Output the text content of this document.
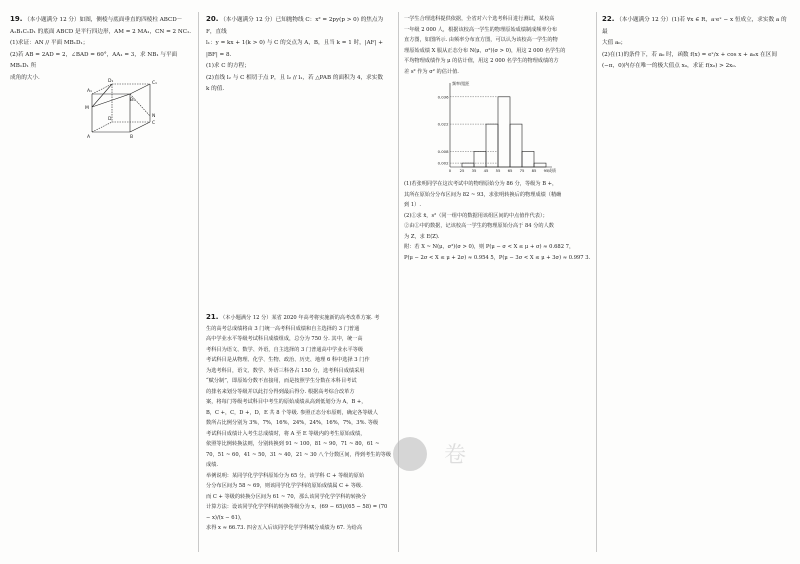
19. （本小题满分 12 分）如图，侧棱与底面垂直的四棱柱 ABCD－

A₁B₁C₁D₁ 的底面 ABCD 是平行四边形，AM = 2 MA₁，CN = 2 NC₁.

(1)求证：AN // 平面 MB₁D₁；

(2)若 AB = 2AD = 2，∠BAD = 60°，AA₁ = 3，求 NB₁ 与平面 MB₁D₁ 所

成角的大小.

A₁
B₁
C₁
D₁
A	B
C
D
M
N

20. （本小题满分 12 分）已知抛物线 C：x² = 2py(p > 0) 的焦点为 F，直线

l₁：y = kx + 1(k > 0) 与 C 的交点为 A，B，且当 k = 1 时，|AF| + |BF| = 8.

(1)求 C 的方程；

(2)直线 l₂ 与 C 相切于点 P，且 l₂ // l₁，若 △PAB 的面积为 4，求实数

k 的值.

21. （本小题满分 12 分）某省 2020 年高考将实施新的高考改革方案. 考

生的高考总成绩将由 3 门统一高考科目成绩和自主选择的 3 门普通

高中学业水平等级考试科目成绩组成，总分为 750 分. 其中，统一高

考科目为语文、数学、外语，自主选择的 3 门普通高中学业水平等级

考试科目是从物理、化学、生物、政治、历史、地理 6 科中选择 3 门作

为选考科目，语文、数学、外语三科各占 150 分，选考科目成绩采用

“赋分制”，即原始分数不直接用，而是按照学生分数在本科目考试

的排名来划分等级并以此打分得到最后得分. 根据高考综合改革方

案，将每门等级考试科目中考生的原始成绩从高到低划分为 A，B +，

B，C +，C，D +，D，E 共 8 个等级. 参照正态分布原则，确定各等级人

数所占比例分别为 3%，7%，16%，24%，24%，16%，7%，3%. 等级

考试科目成绩计入考生总成绩时，将 A 至 E 等级内的考生原始成绩，

依照等比例转换法则，分别转换到 91 ~ 100，81 ~ 90，71 ~ 80，61 ~

70，51 ~ 60，41 ~ 50，31 ~ 40，21 ~ 30 八个分数区间，得到考生的等级

成绩.

举例说明：某同学化学学科原始分为 65 分，该学科 C + 等级的原始

分分布区间为 58 ~ 69，则该同学化学学科的原始成绩属 C + 等级.

而 C + 等级的转换分区间为 61 ~ 70，那么该同学化学学科的转换分

计算方法：设该同学化学学科的转换等级分为 x，(69 − 65)/(65 − 58) = (70 − x)/(x − 61)，

求得 x ≈ 66.73. 四舍五入后该同学化学学科赋分成绩为 67. 为给高

一学生合理选科提供依据，全省对六个选考科目进行测试，某校高

一年级 2 000 人，根据该校高一学生的物理原始成绩制成频率分布

直方图，如图所示. 由频率分布直方图，可以认为该校高一学生的物

理原始成绩 X 服从正态分布 N(μ，σ²)(σ > 0)，用这 2 000 名学生的

平均物理成绩作为 μ 的估计值，用这 2 000 名学生的物理成绩的方

差 s² 作为 σ² 的估计值.

0.036
0.022
0.008
0.002
0 25 35 45 55 65 75 85 95
频率/组距
成绩

(1)若张明同学在这次考试中的物理原始分为 86 分，等级为 B +，

其所在原始分分布区间为 82 ~ 93，求张明转换后的物理成绩（精确

到 1）.

(2)①求 x̄，s²（同一组中的数据用该组区间的中点值作代表）；

②由①中的数据，记该校高一学生的物理原始分高于 84 分的人数

为 Z，求 E(Z).

附：若 X ~ N(μ，σ²)(σ > 0)，则 P(μ − σ < X ≤ μ + σ) ≈ 0.682 7，

P(μ − 2σ < X ≤ μ + 2σ) ≈ 0.954 5，P(μ − 3σ < X ≤ μ + 3σ) ≈ 0.997 3.

22. （本小题满分 12 分）(1)若 ∀x ∈ R，a·eˣ − x 恒成立，求实数 a 的最

大值 a₀；

(2)在(1)的条件下，若 a₀ 时，函数 f(x) = eˣ/x + cos x + a₀x 在区间

(−π，0)内存在唯一的极大值点 x₀，求证 f(x₀) > 2x₀.

卷
